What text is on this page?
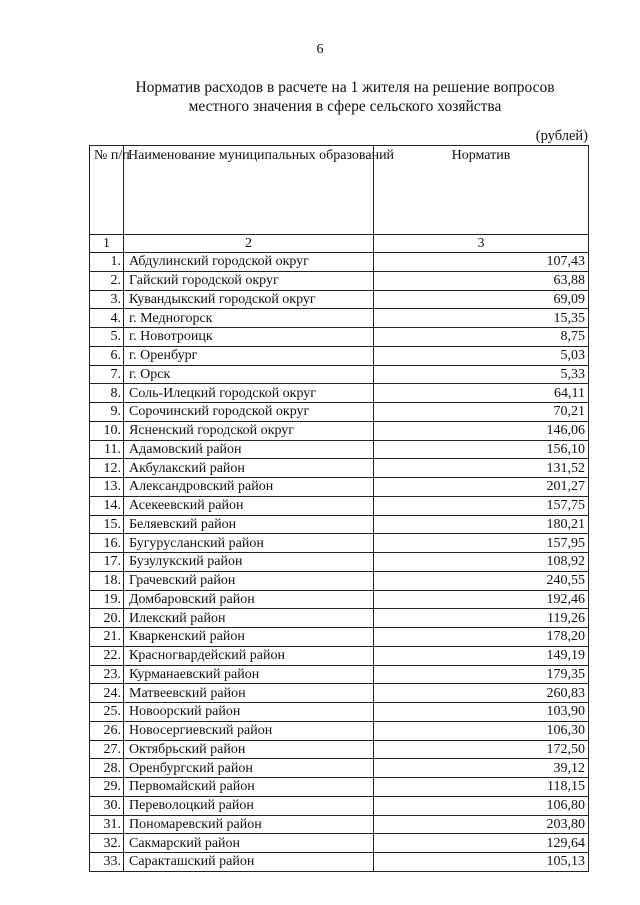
6
Норматив расходов в расчете на 1 жителя на решение вопросов
местного значения в сфере сельского хозяйства
(рублей)
№ п/п	Наименование муниципальных образований	Норматив
1	2	3
1.	Абдулинский городской округ	107,43
2.	Гайский городской округ	63,88
3.	Кувандыкский городской округ	69,09
4.	г. Медногорск	15,35
5.	г. Новотроицк	8,75
6.	г. Оренбург	5,03
7.	г. Орск	5,33
8.	Соль-Илецкий городской округ	64,11
9.	Сорочинский городской округ	70,21
10.	Ясненский городской округ	146,06
11.	Адамовский район	156,10
12.	Акбулакский район	131,52
13.	Александровский район	201,27
14.	Асекеевский район	157,75
15.	Беляевский район	180,21
16.	Бугурусланский район	157,95
17.	Бузулукский район	108,92
18.	Грачевский район	240,55
19.	Домбаровский район	192,46
20.	Илекский район	119,26
21.	Кваркенский район	178,20
22.	Красногвардейский район	149,19
23.	Курманаевский район	179,35
24.	Матвеевский район	260,83
25.	Новоорский район	103,90
26.	Новосергиевский район	106,30
27.	Октябрьский район	172,50
28.	Оренбургский район	39,12
29.	Первомайский район	118,15
30.	Переволоцкий район	106,80
31.	Пономаревский район	203,80
32.	Сакмарский район	129,64
33.	Саракташский район	105,13
